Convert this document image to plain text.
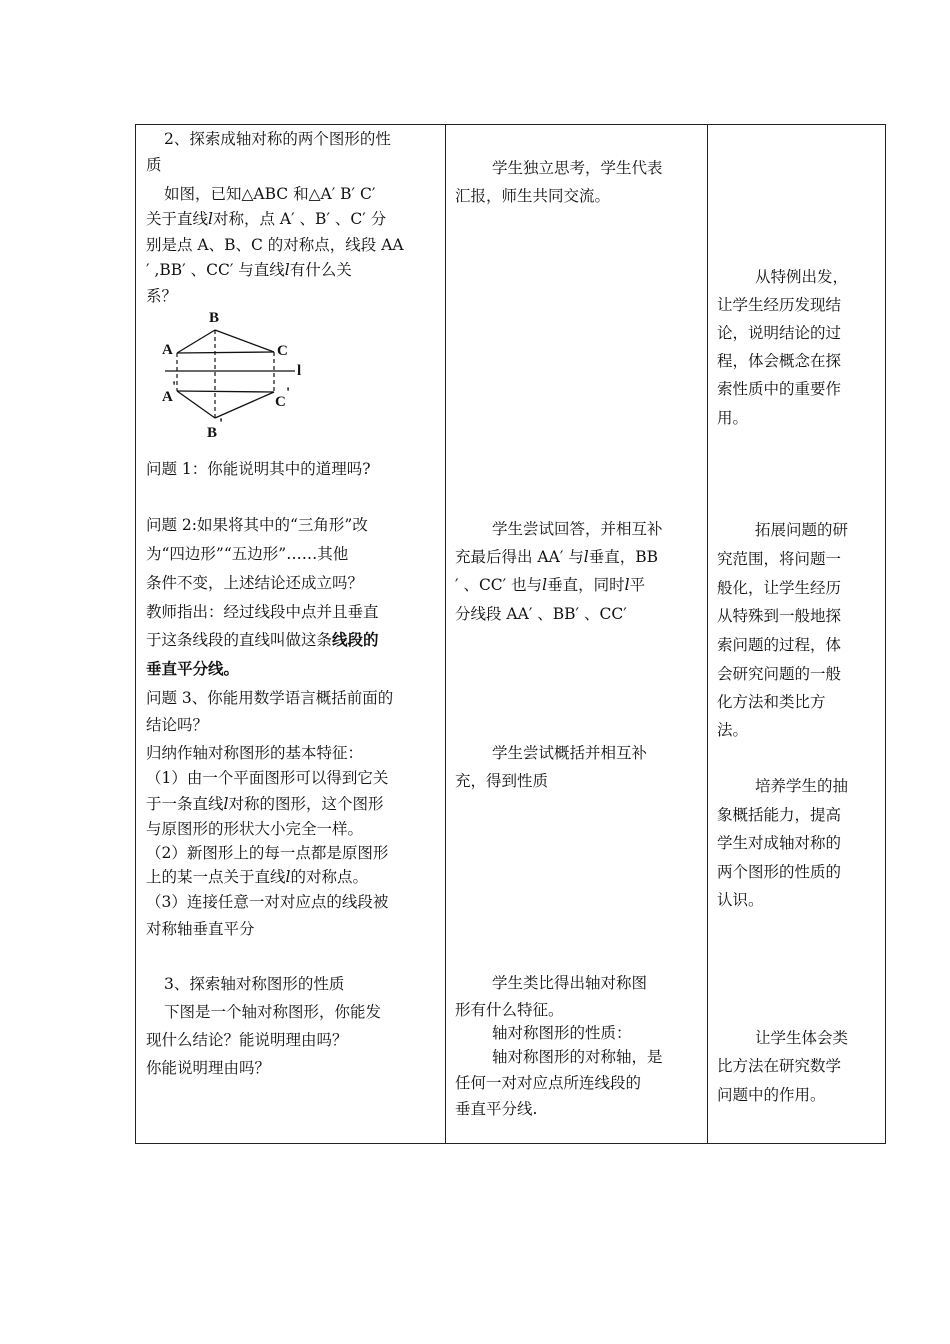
2、探索成轴对称的两个图形的性
质
如图，已知△ABC 和△A′ B′ C′
关于直线l对称，点 A′ 、B′ 、C′ 分
别是点 A、B、C 的对称点，线段 AA
′ ,BB′ 、CC′ 与直线l有什么关
系？
A
B
C
l
A
'
B
'
C
'
问题 1：你能说明其中的道理吗?
问题 2:如果将其中的“三角形”改
为“四边形”“五边形”……其他
条件不变，上述结论还成立吗？
教师指出：经过线段中点并且垂直
于这条线段的直线叫做这条线段的
垂直平分线。
问题 3、你能用数学语言概括前面的
结论吗？
归纳作轴对称图形的基本特征：
（1）由一个平面图形可以得到它关
于一条直线l对称的图形，这个图形
与原图形的形状大小完全一样。
（2）新图形上的每一点都是原图形
上的某一点关于直线l的对称点。
（3）连接任意一对对应点的线段被
对称轴垂直平分
3、探索轴对称图形的性质
下图是一个轴对称图形，你能发
现什么结论？能说明理由吗？
你能说明理由吗？
学生独立思考，学生代表
汇报，师生共同交流。
学生尝试回答，并相互补
充最后得出 AA′ 与l垂直，BB
′ 、CC′ 也与l垂直，同时l平
分线段 AA′ 、BB′ 、CC′
学生尝试概括并相互补
充，得到性质
学生类比得出轴对称图
形有什么特征。
轴对称图形的性质：
轴对称图形的对称轴，是
任何一对对应点所连线段的
垂直平分线.
从特例出发，
让学生经历发现结
论，说明结论的过
程，体会概念在探
索性质中的重要作
用。
拓展问题的研
究范围，将问题一
般化，让学生经历
从特殊到一般地探
索问题的过程，体
会研究问题的一般
化方法和类比方
法。
培养学生的抽
象概括能力，提高
学生对成轴对称的
两个图形的性质的
认识。
让学生体会类
比方法在研究数学
问题中的作用。
